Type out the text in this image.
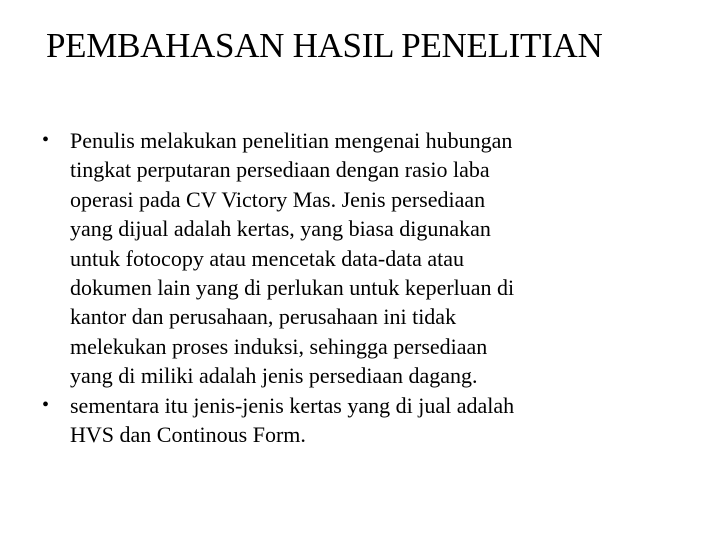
PEMBAHASAN HASIL PENELITIAN
• Penulis melakukan penelitian mengenai hubungan
tingkat perputaran persediaan dengan rasio laba
operasi pada CV Victory Mas. Jenis persediaan
yang dijual adalah kertas, yang biasa digunakan
untuk fotocopy atau mencetak data-data atau
dokumen lain yang di perlukan untuk keperluan di
kantor dan perusahaan, perusahaan ini tidak
melekukan proses induksi, sehingga persediaan
yang di miliki adalah jenis persediaan dagang.
• sementara itu jenis-jenis kertas yang di jual adalah
HVS dan Continous Form.
